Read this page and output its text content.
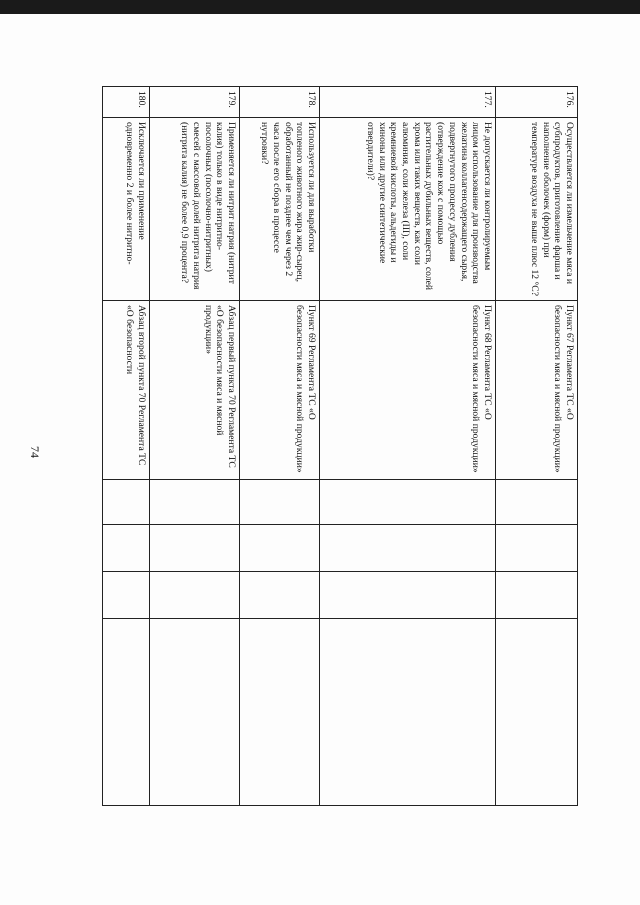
74
176.	Осуществляется ли измельчение мяса и субпродуктов, приготовление фарша и наполнение оболочек (форм) при температуре воздуха не выше плюс 12 °С?	Пункт 67 Регламента ТС «О безопасности мяса и мясной продукции»				
177.	Не допускается ли контролируемым лицом использование для производства желатина коллагенсодержащего сырья, подвергнутого процессу дубления (отверждение кож с помощью растительных дубильных веществ, солей хрома или таких веществ, как соли алюминия, соли железа (III), соли кремниевой кислоты, альдегиды и хиноны или другие синтетические отвердители)?	Пункт 68 Регламента ТС «О безопасности мяса и мясной продукции»				
178.	Используется ли для выработки топленого животного жира жир-сырец, обработанный не позднее чем через 2 часа после его сбора в процессе нутровки?	Пункт 69 Регламента ТС «О безопасности мяса и мясной продукции»				
179.	Применяется ли нитрит натрия (нитрит калия) только в виде нитритно-посолочных (посолочно-нитритных) смесей с массовой долей нитрита натрия (нитрита калия) не более 0,9 процента?	Абзац первый пункта 70 Регламента ТС «О безопасности мяса и мясной продукции»				
180.	Исключается ли применение одновременно 2 и более нитритно-	Абзац второй пункта 70 Регламента ТС «О безопасности				
